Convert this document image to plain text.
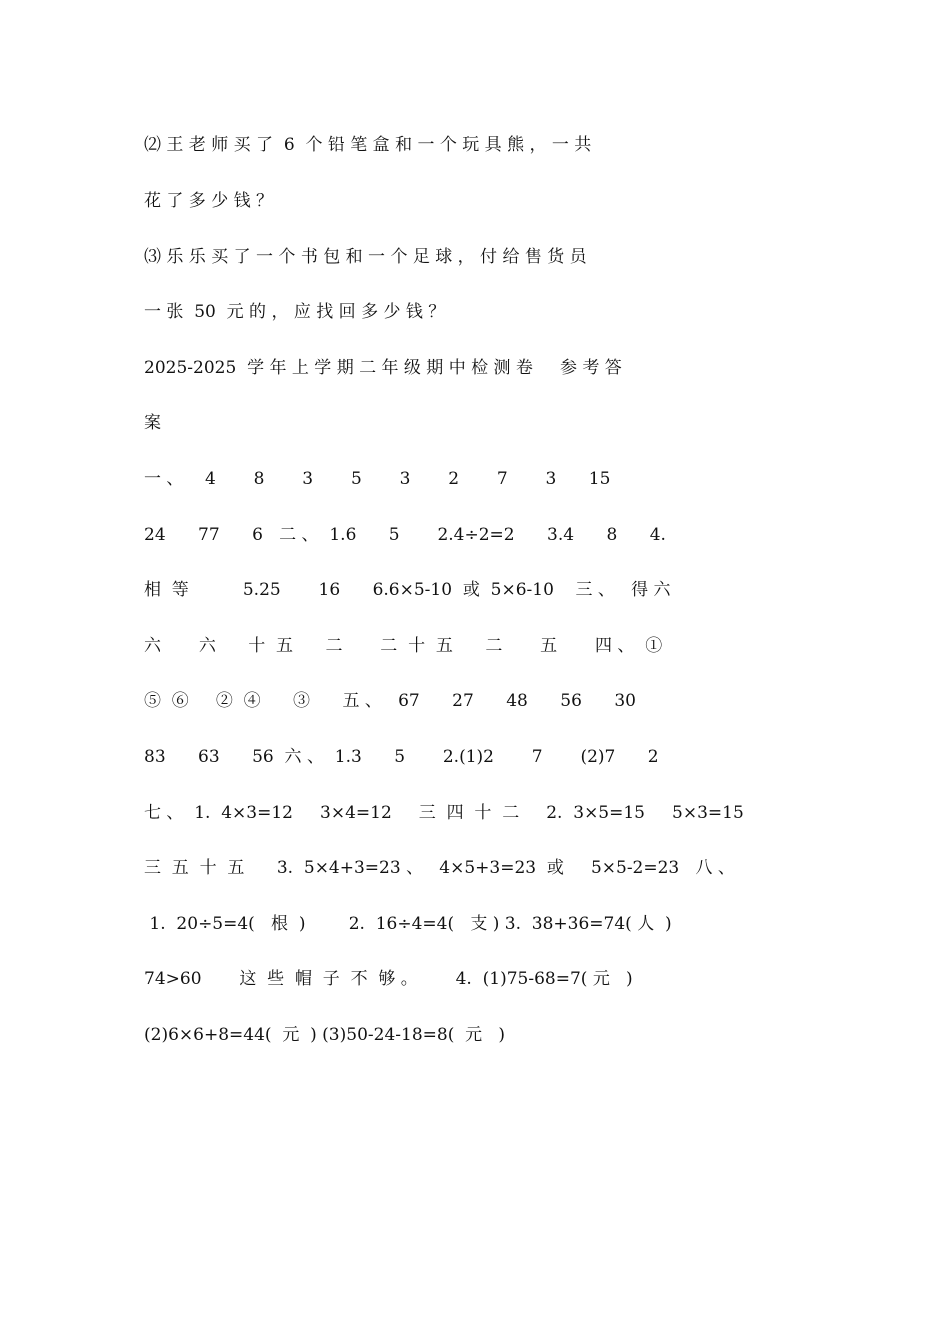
⑵ 王 老 师 买 了  6  个 铅 笔 盒 和 一 个 玩 具 熊 ， 一 共
花 了 多 少 钱 ？
⑶ 乐 乐 买 了 一 个 书 包 和 一 个 足 球 ， 付 给 售 货 员
一 张  50  元 的 ， 应 找 回 多 少 钱 ？
2025-2025  学 年 上 学 期 二 年 级 期 中 检 测 卷     参 考 答
案
一 、    4       8       3       5       3       2       7       3      15
24      77      6   二 、  1.6      5       2.4÷2=2      3.4      8      4.
相  等          5.25       16      6.6×5-10  或  5×6-10    三 、   得 六
六       六      十  五      二       二  十  五      二       五       四 、  ①
⑤  ⑥     ②  ④      ③      五 、   67      27      48      56      30
83      63      56  六 、  1.3      5       2.(1)2       7       (2)7      2
七 、  1.  4×3=12     3×4=12     三  四  十  二     2.  3×5=15     5×3=15
三  五  十  五      3.  5×4+3=23 、   4×5+3=23  或     5×5-2=23   八 、
1.  20÷5=4(   根  )        2.  16÷4=4(   支 ) 3.  38+36=74( 人  )
74>60       这  些  帽  子  不  够 。       4.  (1)75-68=7( 元   )
(2)6×6+8=44(  元  ) (3)50-24-18=8(  元   )
